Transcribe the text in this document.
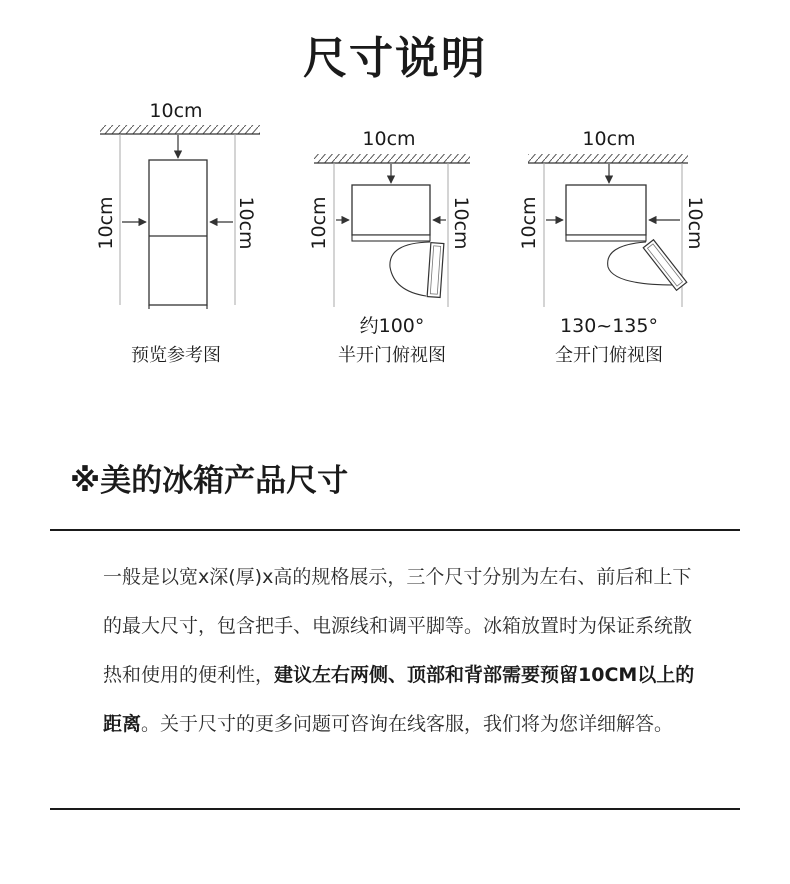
尺寸说明
10cm
10cm	10cm
预览参考图
10cm
10cm	10cm
约100°
半开门俯视图
10cm
10cm	10cm
130~135°
全开门俯视图
※美的冰箱产品尺寸

一般是以宽x深(厚)x高的规格展示，三个尺寸分别为左右、前后和上下的最大尺寸，包含把手、电源线和调平脚等。冰箱放置时为保证系统散热和使用的便利性，建议左右两侧、顶部和背部需要预留10CM以上的距离。关于尺寸的更多问题可咨询在线客服，我们将为您详细解答。
